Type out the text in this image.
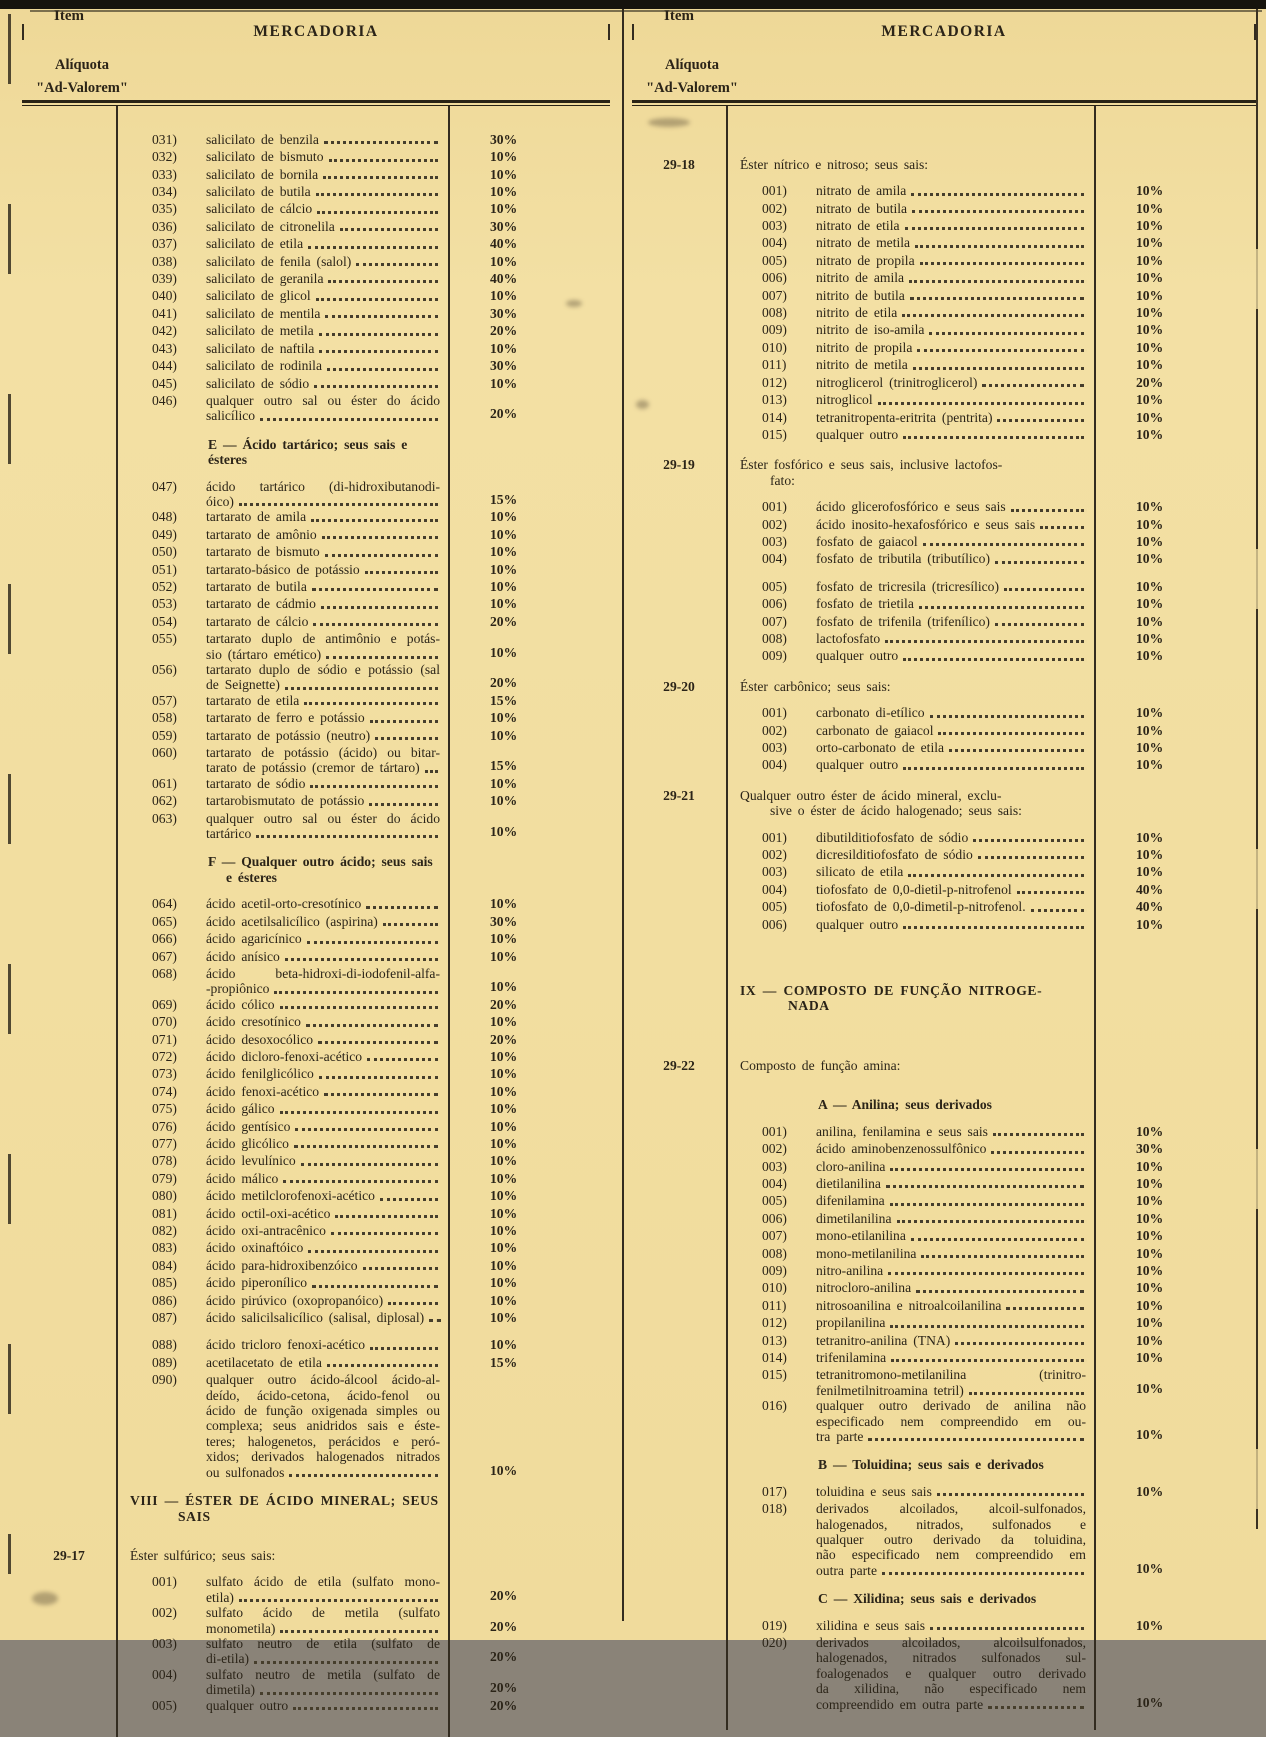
Item
MERCADORIA
Alíquota
"Ad-Valorem"
031)	salicilato de benzila	30%
032)	salicilato de bismuto	10%
033)	salicilato de bornila	10%
034)	salicilato de butila	10%
035)	salicilato de cálcio	10%
036)	salicilato de citronelila	30%
037)	salicilato de etila	40%
038)	salicilato de fenila (salol)	10%
039)	salicilato de geranila	40%
040)	salicilato de glicol	10%
041)	salicilato de mentila	30%
042)	salicilato de metila	20%
043)	salicilato de naftila	10%
044)	salicilato de rodinila	30%
045)	salicilato de sódio	10%
046)	qualquer outro sal ou éster do ácido
salicílico	20%
E — Ácido tartárico; seus sais e ésteres
047)	ácido tartárico (di-hidroxibutanodi-
óico)	15%
048)	tartarato de amila	10%
049)	tartarato de amônio	10%
050)	tartarato de bismuto	10%
051)	tartarato-básico de potássio	10%
052)	tartarato de butila	10%
053)	tartarato de cádmio	10%
054)	tartarato de cálcio	20%
055)	tartarato duplo de antimônio e potás-
sio (tártaro emético)	10%
056)	tartarato duplo de sódio e potássio (sal
de Seignette)	20%
057)	tartarato de etila	15%
058)	tartarato de ferro e potássio	10%
059)	tartarato de potássio (neutro)	10%
060)	tartarato de potássio (ácido) ou bitar-
tarato de potássio (cremor de tártaro)	15%
061)	tartarato de sódio	10%
062)	tartarobismutato de potássio	10%
063)	qualquer outro sal ou éster do ácido
tartárico	10%
F — Qualquer outro ácido; seus sais
e ésteres
064)	ácido acetil-orto-cresotínico	10%
065)	ácido acetilsalicílico (aspirina)	30%
066)	ácido agaricínico	10%
067)	ácido anísico	10%
068)	ácido beta-hidroxi-di-iodofenil-alfa-
-propiônico	10%
069)	ácido cólico	20%
070)	ácido cresotínico	10%
071)	ácido desoxocólico	20%
072)	ácido dicloro-fenoxi-acético	10%
073)	ácido fenilglicólico	10%
074)	ácido fenoxi-acético	10%
075)	ácido gálico	10%
076)	ácido gentísico	10%
077)	ácido glicólico	10%
078)	ácido levulínico	10%
079)	ácido málico	10%
080)	ácido metilclorofenoxi-acético	10%
081)	ácido octil-oxi-acético	10%
082)	ácido oxi-antracênico	10%
083)	ácido oxinaftóico	10%
084)	ácido para-hidroxibenzóico	10%
085)	ácido piperonílico	10%
086)	ácido pirúvico (oxopropanóico)	10%
087)	ácido salicilsalicílico (salisal, diplosal)	10%
088)	ácido tricloro fenoxi-acético	10%
089)	acetilacetato de etila	15%
090)	qualquer outro ácido-álcool ácido-al-
deído, ácido-cetona, ácido-fenol ou
ácido de função oxigenada simples ou
complexa; seus anidridos sais e éste-
teres; halogenetos, perácidos e peró-
xidos; derivados halogenados nitrados
ou sulfonados	10%
VIII — ÉSTER DE ÁCIDO MINERAL; SEUS
SAIS
29-17	Éster sulfúrico; seus sais:
001)	sulfato ácido de etila (sulfato mono-
etila)	20%
002)	sulfato ácido de metila (sulfato
monometila)	20%
003)	sulfato neutro de etila (sulfato de
di-etila)	20%
004)	sulfato neutro de metila (sulfato de
dimetila)	20%
005)	qualquer outro	20%
Item
MERCADORIA
Alíquota
"Ad-Valorem"
29-18	Éster nítrico e nitroso; seus sais:
001)	nitrato de amila	10%
002)	nitrato de butila	10%
003)	nitrato de etila	10%
004)	nitrato de metila	10%
005)	nitrato de propila	10%
006)	nitrito de amila	10%
007)	nitrito de butila	10%
008)	nitrito de etila	10%
009)	nitrito de iso-amila	10%
010)	nitrito de propila	10%
011)	nitrito de metila	10%
012)	nitroglicerol (trinitroglicerol)	20%
013)	nitroglicol	10%
014)	tetranitropenta-eritrita (pentrita)	10%
015)	qualquer outro	10%
29-19	Éster fosfórico e seus sais, inclusive lactofos-
fato:
001)	ácido glicerofosfórico e seus sais	10%
002)	ácido inosito-hexafosfórico e seus sais	10%
003)	fosfato de gaiacol	10%
004)	fosfato de tributila (tributílico)	10%
005)	fosfato de tricresila (tricresílico)	10%
006)	fosfato de trietila	10%
007)	fosfato de trifenila (trifenílico)	10%
008)	lactofosfato	10%
009)	qualquer outro	10%
29-20	Éster carbônico; seus sais:
001)	carbonato di-etílico	10%
002)	carbonato de gaiacol	10%
003)	orto-carbonato de etila	10%
004)	qualquer outro	10%
29-21	Qualquer outro éster de ácido mineral, exclu-
sive o éster de ácido halogenado; seus sais:
001)	dibutilditiofosfato de sódio	10%
002)	dicresilditiofosfato de sódio	10%
003)	silicato de etila	10%
004)	tiofosfato de 0,0-dietil-p-nitrofenol	40%
005)	tiofosfato de 0,0-dimetil-p-nitrofenol.	40%
006)	qualquer outro	10%
IX — COMPOSTO DE FUNÇÃO NITROGE-
NADA
29-22	Composto de função amina:
A — Anilina; seus derivados
001)	anilina, fenilamina e seus sais	10%
002)	ácido aminobenzenossulfônico	30%
003)	cloro-anilina	10%
004)	dietilanilina	10%
005)	difenilamina	10%
006)	dimetilanilina	10%
007)	mono-etilanilina	10%
008)	mono-metilanilina	10%
009)	nitro-anilina	10%
010)	nitrocloro-anilina	10%
011)	nitrosoanilina e nitroalcoilanilina	10%
012)	propilanilina	10%
013)	tetranitro-anilina (TNA)	10%
014)	trifenilamina	10%
015)	tetranitromono-metilanilina (trinitro-
fenilmetilnitroamina tetril)	10%
016)	qualquer outro derivado de anilina não
especificado nem compreendido em ou-
tra parte	10%
B — Toluidina; seus sais e derivados
017)	toluidina e seus sais	10%
018)	derivados alcoilados, alcoil-sulfonados,
halogenados, nitrados, sulfonados e
qualquer outro derivado da toluidina,
não especificado nem compreendido em
outra parte	10%
C — Xilidina; seus sais e derivados
019)	xilidina e seus sais	10%
020)	derivados alcoilados, alcoilsulfonados,
halogenados, nitrados sulfonados sul-
foalogenados e qualquer outro derivado
da xilidina, não especificado nem
compreendido em outra parte	10%
